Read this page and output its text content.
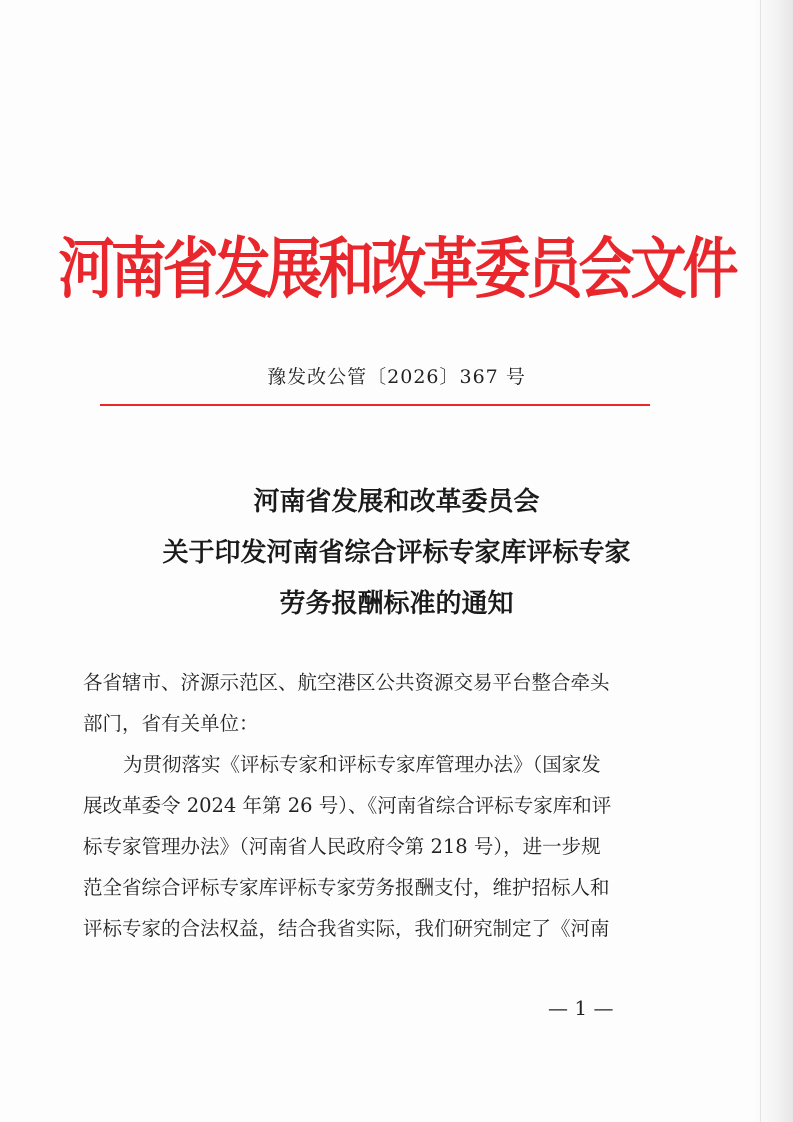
河南省发展和改革委员会文件
豫发改公管〔2026〕367 号
河南省发展和改革委员会
关于印发河南省综合评标专家库评标专家
劳务报酬标准的通知
各省辖市、济源示范区、航空港区公共资源交易平台整合牵头
部门，省有关单位：
为贯彻落实《评标专家和评标专家库管理办法》（国家发
展改革委令 2024 年第 26 号）、《河南省综合评标专家库和评
标专家管理办法》（河南省人民政府令第 218 号），进一步规
范全省综合评标专家库评标专家劳务报酬支付，维护招标人和
评标专家的合法权益，结合我省实际，我们研究制定了《河南
— 1 —
